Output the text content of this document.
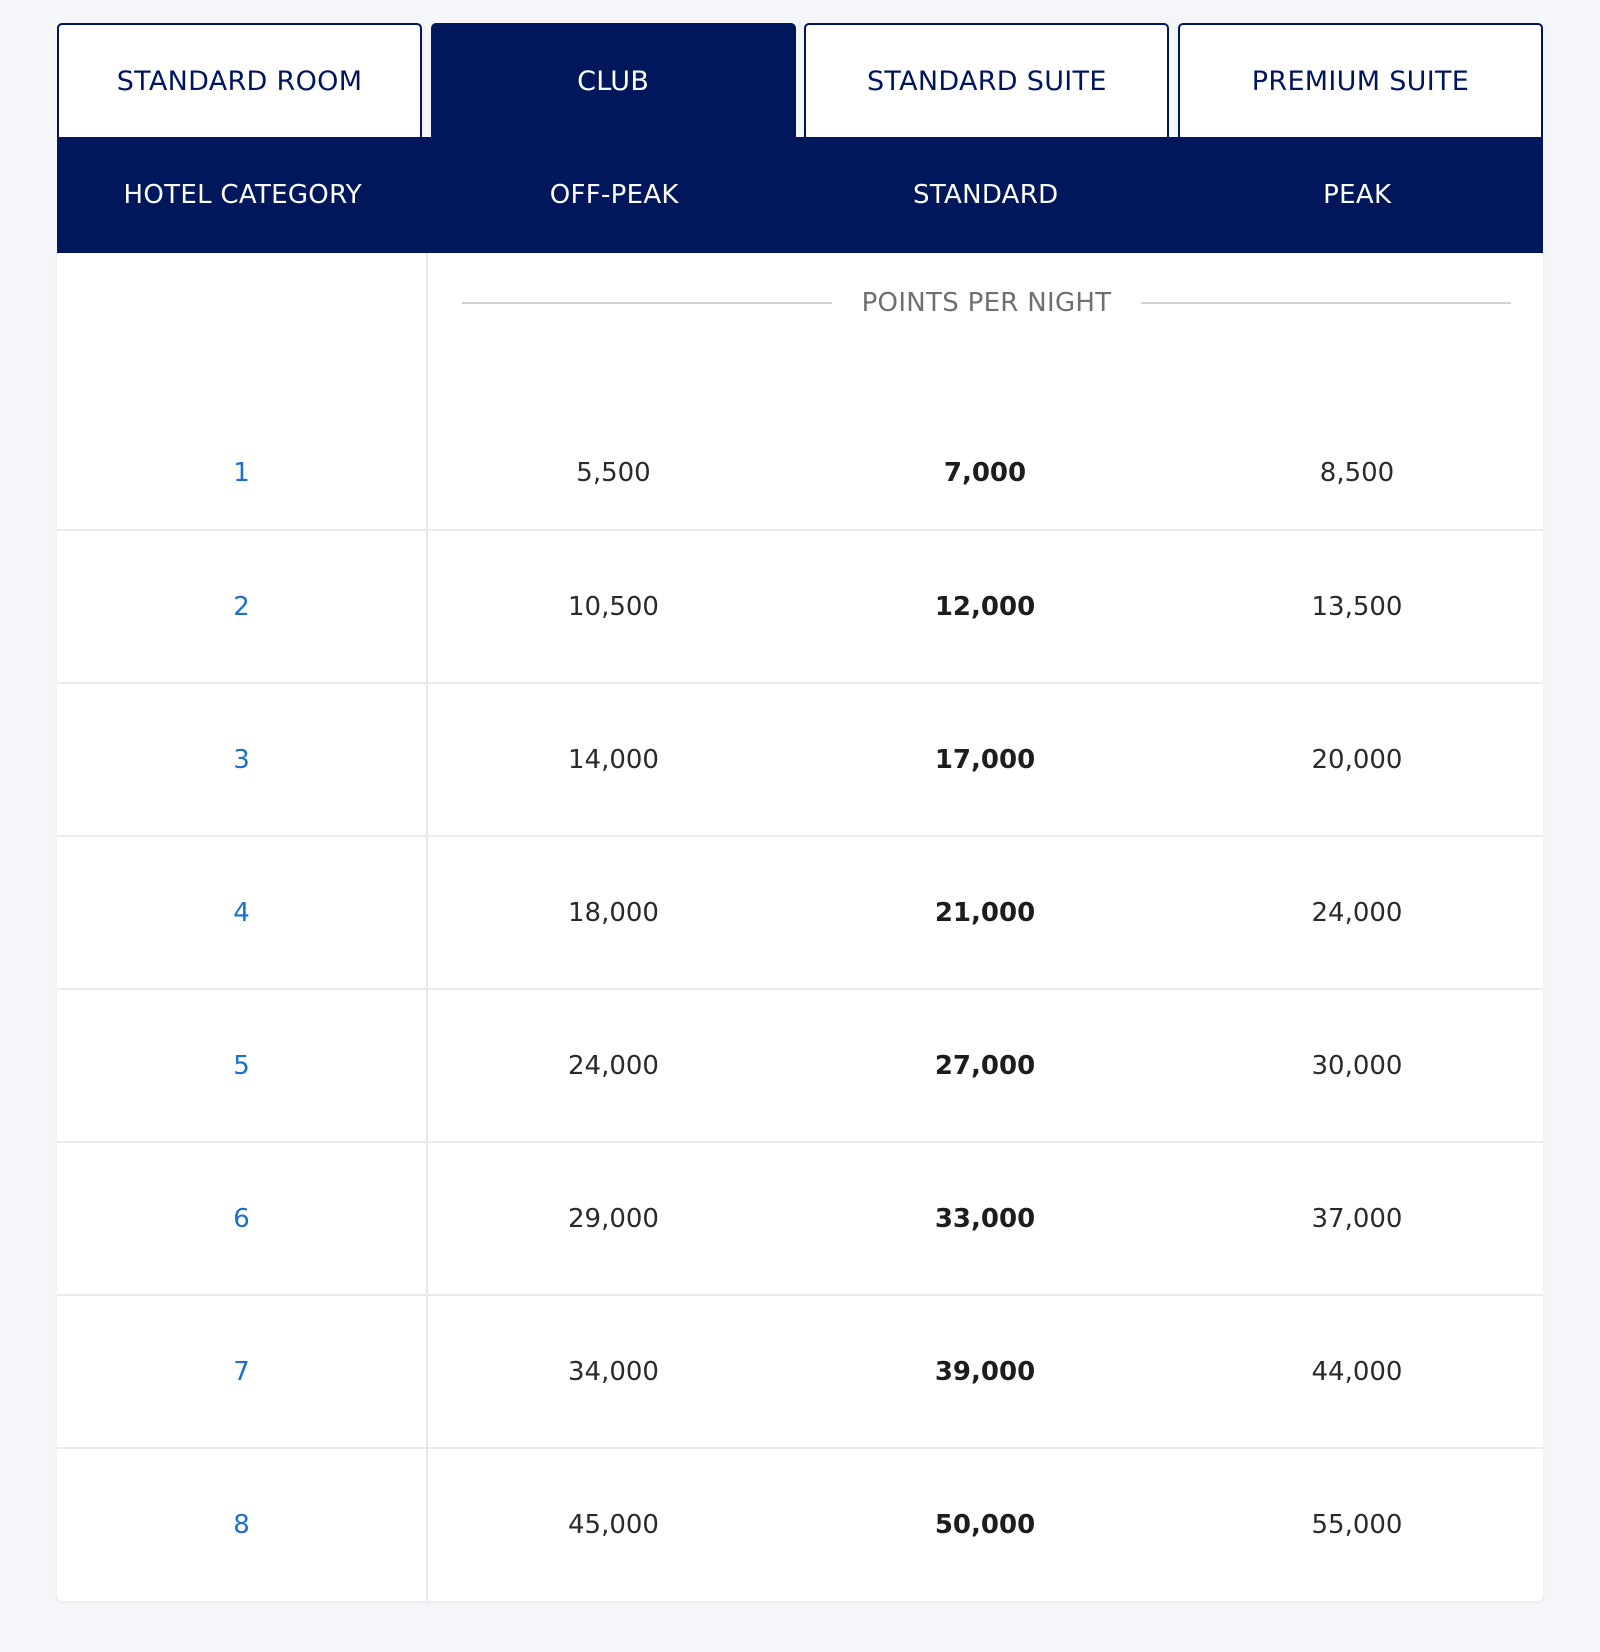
STANDARD ROOM	CLUB	STANDARD SUITE	PREMIUM SUITE
HOTEL CATEGORY	OFF-PEAK	STANDARD	PEAK
POINTS PER NIGHT
1	5,500	7,000	8,500
2	10,500	12,000	13,500
3	14,000	17,000	20,000
4	18,000	21,000	24,000
5	24,000	27,000	30,000
6	29,000	33,000	37,000
7	34,000	39,000	44,000
8	45,000	50,000	55,000
